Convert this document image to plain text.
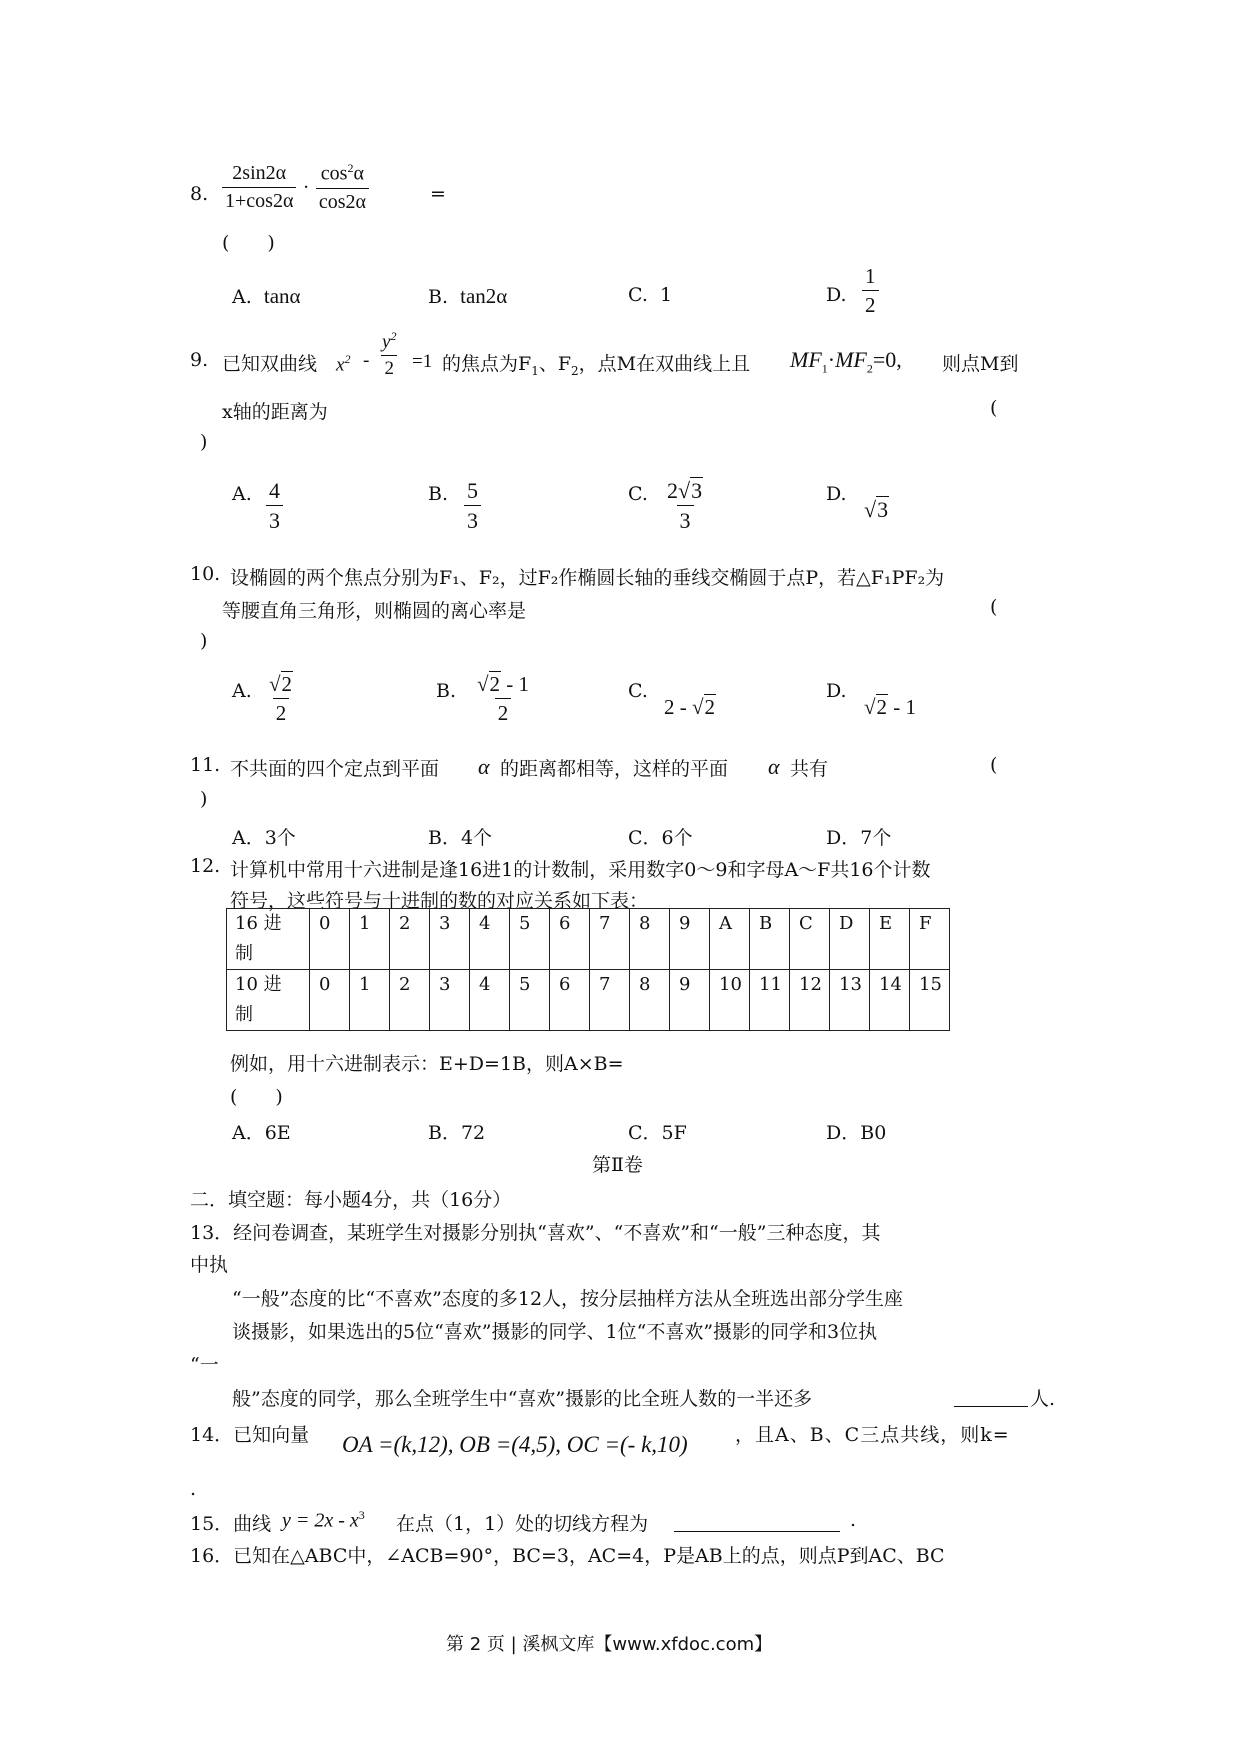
8. $\frac{2\sin 2\alpha}{1+\cos 2\alpha} \cdot \frac{\cos^2\alpha}{\cos 2\alpha}$	=
(　　)
A. tanα	B. tan2α	C. 1	D. $\frac{1}{2}$
9. 已知双曲线 $x^2 - \frac{y^2}{2} =1$ 的焦点为$F_1$、$F_2$，点M在双曲线上且 $MF_1\cdot MF_2=0$, 则点M到
x轴的距离为	(
)
A. $\frac{4}{3}$	B. $\frac{5}{3}$	C. $\frac{2√3}{3}$	D.
√3
10. 设椭圆的两个焦点分别为F₁、F₂，过F₂作椭圆长轴的垂线交椭圆于点P，若△F₁PF₂为
等腰直角三角形，则椭圆的离心率是	(
)
A. $\frac{√2}{2}$	B. $\frac{√2 - 1}{2}$	C.
2 - √2
D.
√2 - 1
11. 不共面的四个定点到平面 α 的距离都相等，这样的平面 α 共有	(
)
A．3个	B．4个	C．6个	D．7个
12. 计算机中常用十六进制是逢16进1的计数制，采用数字0～9和字母A～F共16个计数
符号，这些符号与十进制的数的对应关系如下表：
16 进
制	0	1	2	3	4	5	6	7	8	9	A	B	C	D	E	F
10 进
制	0	1	2	3	4	5	6	7	8	9	10	11	12	13	14	15
例如，用十六进制表示：E+D=1B，则A×B=
(　　)
A．6E	B．72	C．5F	D．B0
第Ⅱ卷
二．填空题：每小题4分，共（16分）
13．经问卷调查，某班学生对摄影分别执“喜欢”、“不喜欢”和“一般”三种态度，其
中执
“一般”态度的比“不喜欢”态度的多12人，按分层抽样方法从全班选出部分学生座
谈摄影，如果选出的5位“喜欢”摄影的同学、1位“不喜欢”摄影的同学和3位执
“一
般”态度的同学，那么全班学生中“喜欢”摄影的比全班人数的一半还多	人.
14．已知向量 OA =(k,12), OB =(4,5), OC =(- k,10) ，且A、B、C三点共线，则k=
.
15．曲线 $y = 2x - x^3$ 在点（1，1）处的切线方程为	.
16．已知在△ABC中，∠ACB=90°，BC=3，AC=4，P是AB上的点，则点P到AC、BC
第 2 页 | 溪枫文库【www.xfdoc.com】
